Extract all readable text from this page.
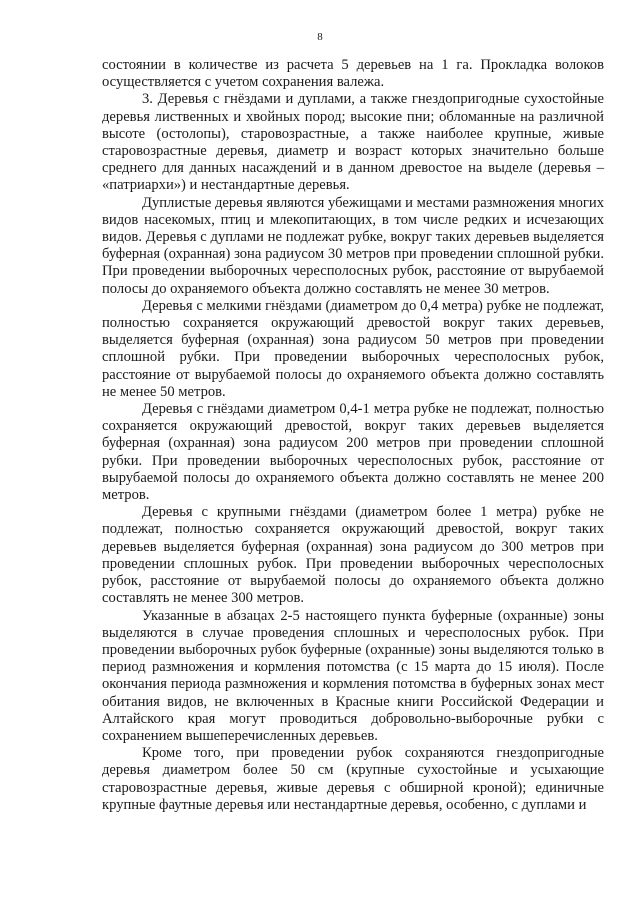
8

состоянии в количестве из расчета 5 деревьев на 1 га. Прокладка волоков осуществляется с учетом сохранения валежа.

3. Деревья с гнёздами и дуплами, а также гнездопригодные сухостойные деревья лиственных и хвойных пород; высокие пни; обломанные на различной высоте (остолопы), старовозрастные, а также наиболее крупные, живые старовозрастные деревья, диаметр и возраст которых значительно больше среднего для данных насаждений и в данном древостое на выделе (деревья – «патриархи») и нестандартные деревья.

Дуплистые деревья являются убежищами и местами размножения многих видов насекомых, птиц и млекопитающих, в том числе редких и исчезающих видов. Деревья с дуплами не подлежат рубке, вокруг таких деревьев выделяется буферная (охранная) зона радиусом 30 метров при проведении сплошной рубки. При проведении выборочных чересполосных рубок, расстояние от вырубаемой полосы до охраняемого объекта должно составлять не менее 30 метров.

Деревья с мелкими гнёздами (диаметром до 0,4 метра) рубке не подлежат, полностью сохраняется окружающий древостой вокруг таких деревьев, выделяется буферная (охранная) зона радиусом 50 метров при проведении сплошной рубки. При проведении выборочных чересполосных рубок, расстояние от вырубаемой полосы до охраняемого объекта должно составлять не менее 50 метров.

Деревья с гнёздами диаметром 0,4-1 метра рубке не подлежат, полностью сохраняется окружающий древостой, вокруг таких деревьев выделяется буферная (охранная) зона радиусом 200 метров при проведении сплошной рубки. При проведении выборочных чересполосных рубок, расстояние от вырубаемой полосы до охраняемого объекта должно составлять не менее 200 метров.

Деревья с крупными гнёздами (диаметром более 1 метра) рубке не подлежат, полностью сохраняется окружающий древостой, вокруг таких деревьев выделяется буферная (охранная) зона радиусом до 300 метров при проведении сплошных рубок. При проведении выборочных чересполосных рубок, расстояние от вырубаемой полосы до охраняемого объекта должно составлять не менее 300 метров.

Указанные в абзацах 2-5 настоящего пункта буферные (охранные) зоны выделяются в случае проведения сплошных и чересполосных рубок. При проведении выборочных рубок буферные (охранные) зоны выделяются только в период размножения и кормления потомства (с 15 марта до 15 июля). После окончания периода размножения и кормления потомства в буферных зонах мест обитания видов, не включенных в Красные книги Российской Федерации и Алтайского края могут проводиться добровольно-выборочные рубки с сохранением вышеперечисленных деревьев.

Кроме того, при проведении рубок сохраняются гнездопригодные деревья диаметром более 50 см (крупные сухостойные и усыхающие старовозрастные деревья, живые деревья с обширной кроной); единичные крупные фаутные деревья или нестандартные деревья, особенно, с дуплами и
